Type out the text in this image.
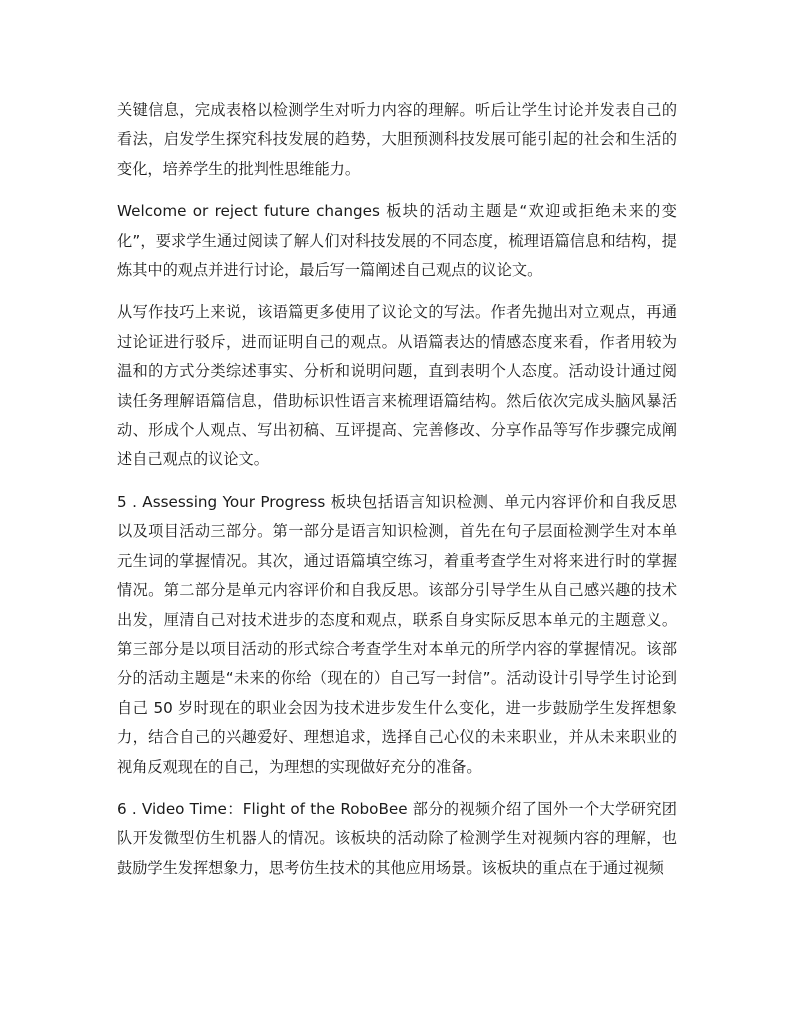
关键信息，完成表格以检测学生对听力内容的理解。听后让学生讨论并发表自己的看法，启发学生探究科技发展的趋势，大胆预测科技发展可能引起的社会和生活的变化，培养学生的批判性思维能力。

Welcome or reject future changes 板块的活动主题是“欢迎或拒绝未来的变化”，要求学生通过阅读了解人们对科技发展的不同态度，梳理语篇信息和结构，提炼其中的观点并进行讨论，最后写一篇阐述自己观点的议论文。

从写作技巧上来说，该语篇更多使用了议论文的写法。作者先抛出对立观点，再通过论证进行驳斥，进而证明自己的观点。从语篇表达的情感态度来看，作者用较为温和的方式分类综述事实、分析和说明问题，直到表明个人态度。活动设计通过阅读任务理解语篇信息，借助标识性语言来梳理语篇结构。然后依次完成头脑风暴活动、形成个人观点、写出初稿、互评提高、完善修改、分享作品等写作步骤完成阐述自己观点的议论文。

5 . Assessing Your Progress 板块包括语言知识检测、单元内容评价和自我反思以及项目活动三部分。第一部分是语言知识检测，首先在句子层面检测学生对本单元生词的掌握情况。其次，通过语篇填空练习，着重考查学生对将来进行时的掌握情况。第二部分是单元内容评价和自我反思。该部分引导学生从自己感兴趣的技术出发，厘清自己对技术进步的态度和观点，联系自身实际反思本单元的主题意义。第三部分是以项目活动的形式综合考查学生对本单元的所学内容的掌握情况。该部分的活动主题是“未来的你给（现在的）自己写一封信”。活动设计引导学生讨论到自己 50 岁时现在的职业会因为技术进步发生什么变化，进一步鼓励学生发挥想象力，结合自己的兴趣爱好、理想追求，选择自己心仪的未来职业，并从未来职业的视角反观现在的自己，为理想的实现做好充分的准备。

6 . Video Time：Flight of the RoboBee 部分的视频介绍了国外一个大学研究团队开发微型仿生机器人的情况。该板块的活动除了检测学生对视频内容的理解，也鼓励学生发挥想象力，思考仿生技术的其他应用场景。该板块的重点在于通过视频
